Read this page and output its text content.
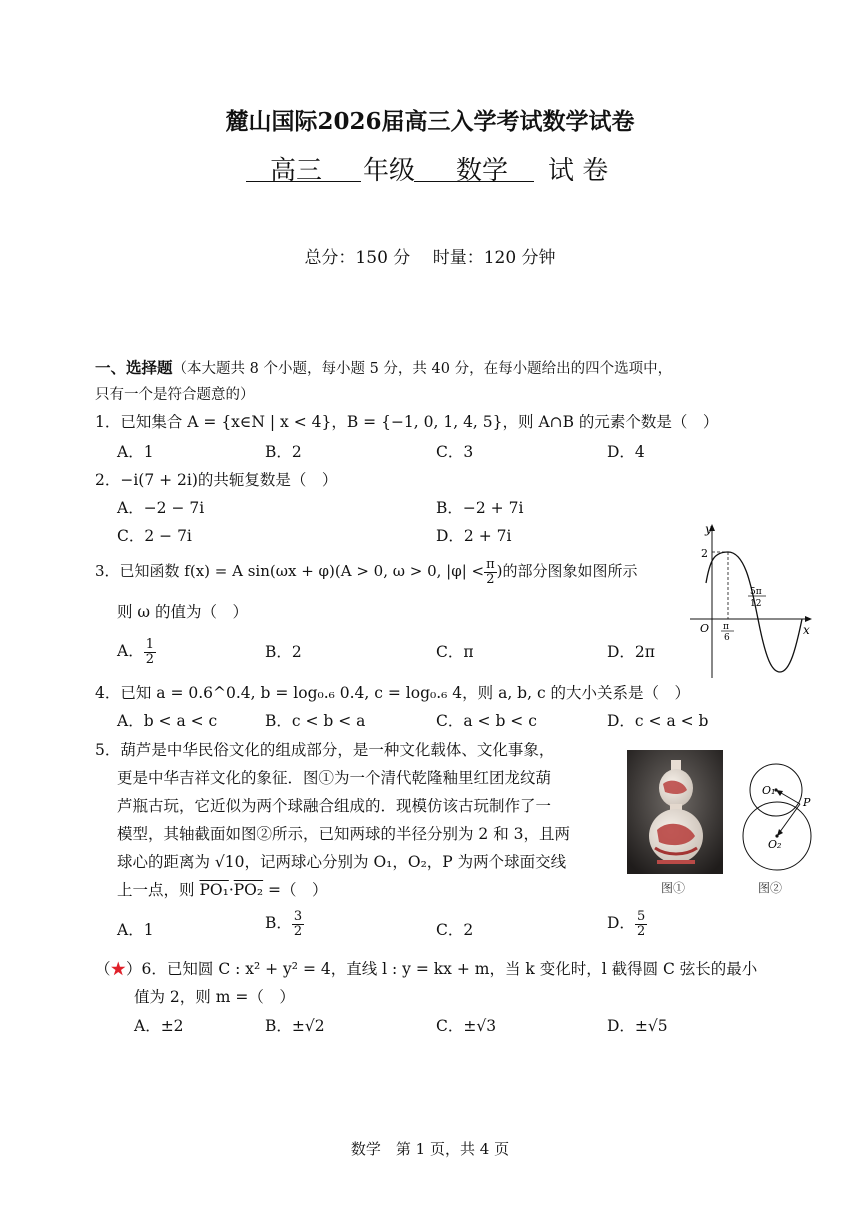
麓山国际2026届高三入学考试数学试卷
高三 年级 数学 试 卷
总分：150 分　 时量：120 分钟
一、选择题（本大题共 8 个小题，每小题 5 分，共 40 分，在每小题给出的四个选项中，
只有一个是符合题意的）
1．已知集合 A = {x∈N | x < 4}，B = {−1, 0, 1, 4, 5}，则 A∩B 的元素个数是（　）
A．1	B．2	C．3	D．4
2．−i(7 + 2i)的共轭复数是（　）
A．−2 − 7i	B．−2 + 7i
C．2 − 7i	D．2 + 7i
3．已知函数 f(x) = A sin(ωx + φ)(A > 0, ω > 0, $|\varphi| < \frac{\pi}{2}$ )的部分图象如图所示
则 ω 的值为（　）
A． $\frac{1}{2}$	B．2	C．π	D．2π
y
x
O
2
π
6
5π
12
4．已知 a = 0.6^0.4, b = log₀.₆ 0.4, c = log₀.₆ 4，则 a, b, c 的大小关系是（　）
A．b < a < c	B．c < b < a	C．a < b < c	D．c < a < b
5．葫芦是中华民俗文化的组成部分，是一种文化载体、文化事象，
更是中华吉祥文化的象征．图①为一个清代乾隆釉里红团龙纹葫
芦瓶古玩，它近似为两个球融合组成的．现模仿该古玩制作了一
模型，其轴截面如图②所示，已知两球的半径分别为 2 和 3，且两
球心的距离为 √10，记两球心分别为 O₁，O₂，P 为两个球面交线
上一点，则 PO₁·PO₂ =（　）
O₁
O₂
P
图①	图②
A．1	B． $\frac{3}{2}$	C．2	D． $\frac{5}{2}$
（★）6．已知圆 C : x² + y² = 4，直线 l : y = kx + m，当 k 变化时，l 截得圆 C 弦长的最小
值为 2，则 m =（　）
A．±2	B．±√2	C．±√3	D．±√5
数学　第 1 页，共 4 页
